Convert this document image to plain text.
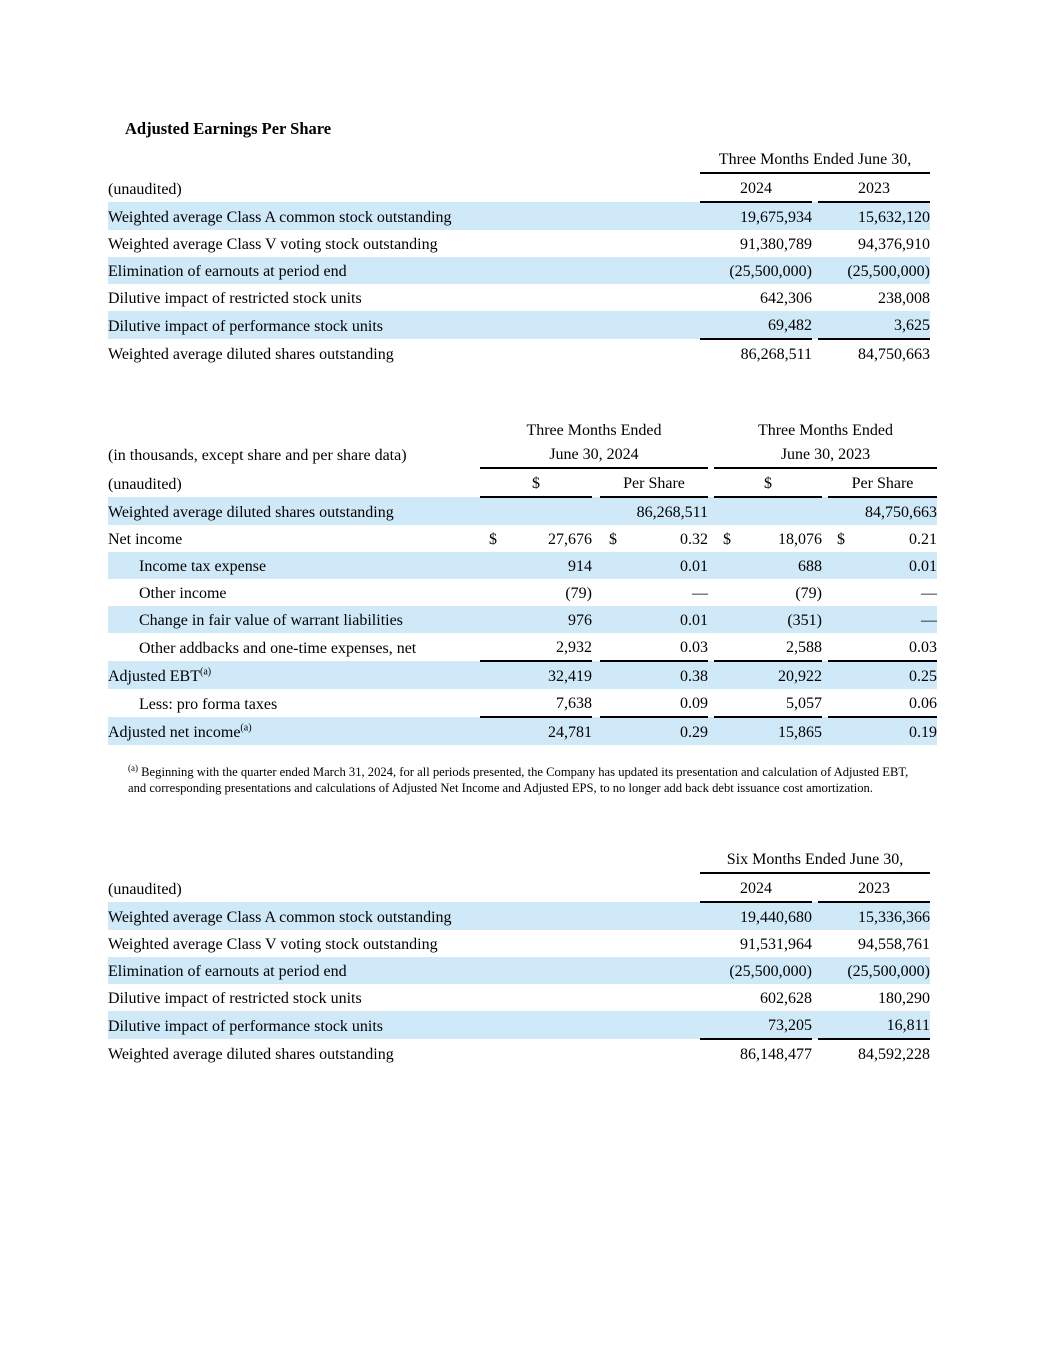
Adjusted Earnings Per Share
	Three Months Ended June 30,		
(unaudited)	2024		2023
Weighted average Class A common stock outstanding	19,675,934		15,632,120
Weighted average Class V voting stock outstanding	91,380,789		94,376,910
Elimination of earnouts at period end	(25,500,000)		(25,500,000)
Dilutive impact of restricted stock units	642,306		238,008
Dilutive impact of performance stock units	69,482		3,625
Weighted average diluted shares outstanding	86,268,511		84,750,663
	Three Months Ended				Three Months Ended		
(in thousands, except share and per share data)	June 30, 2024				June 30, 2023		
(unaudited)	$		Per Share		$		Per Share
Weighted average diluted shares outstanding			86,268,511				84,750,663
Net income	$ 27,676		$ 0.32		$ 18,076		$ 0.21

Income tax expense	914		0.01		688		0.01
Other income	(79)		—		(79)		—
Change in fair value of warrant liabilities	976		0.01		(351)		—
Other addbacks and one-time expenses, net	2,932		0.03		2,588		0.03
Adjusted EBT$^{(a)}$	32,419		0.38		20,922		0.25
Less: pro forma taxes	7,638		0.09		5,057		0.06
Adjusted net income$^{(a)}$	24,781		0.29		15,865		0.19

$^{(a)}$ Beginning with the quarter ended March 31, 2024, for all periods presented, the Company has updated its presentation and calculation of Adjusted EBT, and corresponding presentations and calculations of Adjusted Net Income and Adjusted EPS, to no longer add back debt issuance cost amortization.

	Six Months Ended June 30,		
(unaudited)	2024		2023
Weighted average Class A common stock outstanding	19,440,680		15,336,366
Weighted average Class V voting stock outstanding	91,531,964		94,558,761
Elimination of earnouts at period end	(25,500,000)		(25,500,000)
Dilutive impact of restricted stock units	602,628		180,290
Dilutive impact of performance stock units	73,205		16,811
Weighted average diluted shares outstanding	86,148,477		84,592,228
